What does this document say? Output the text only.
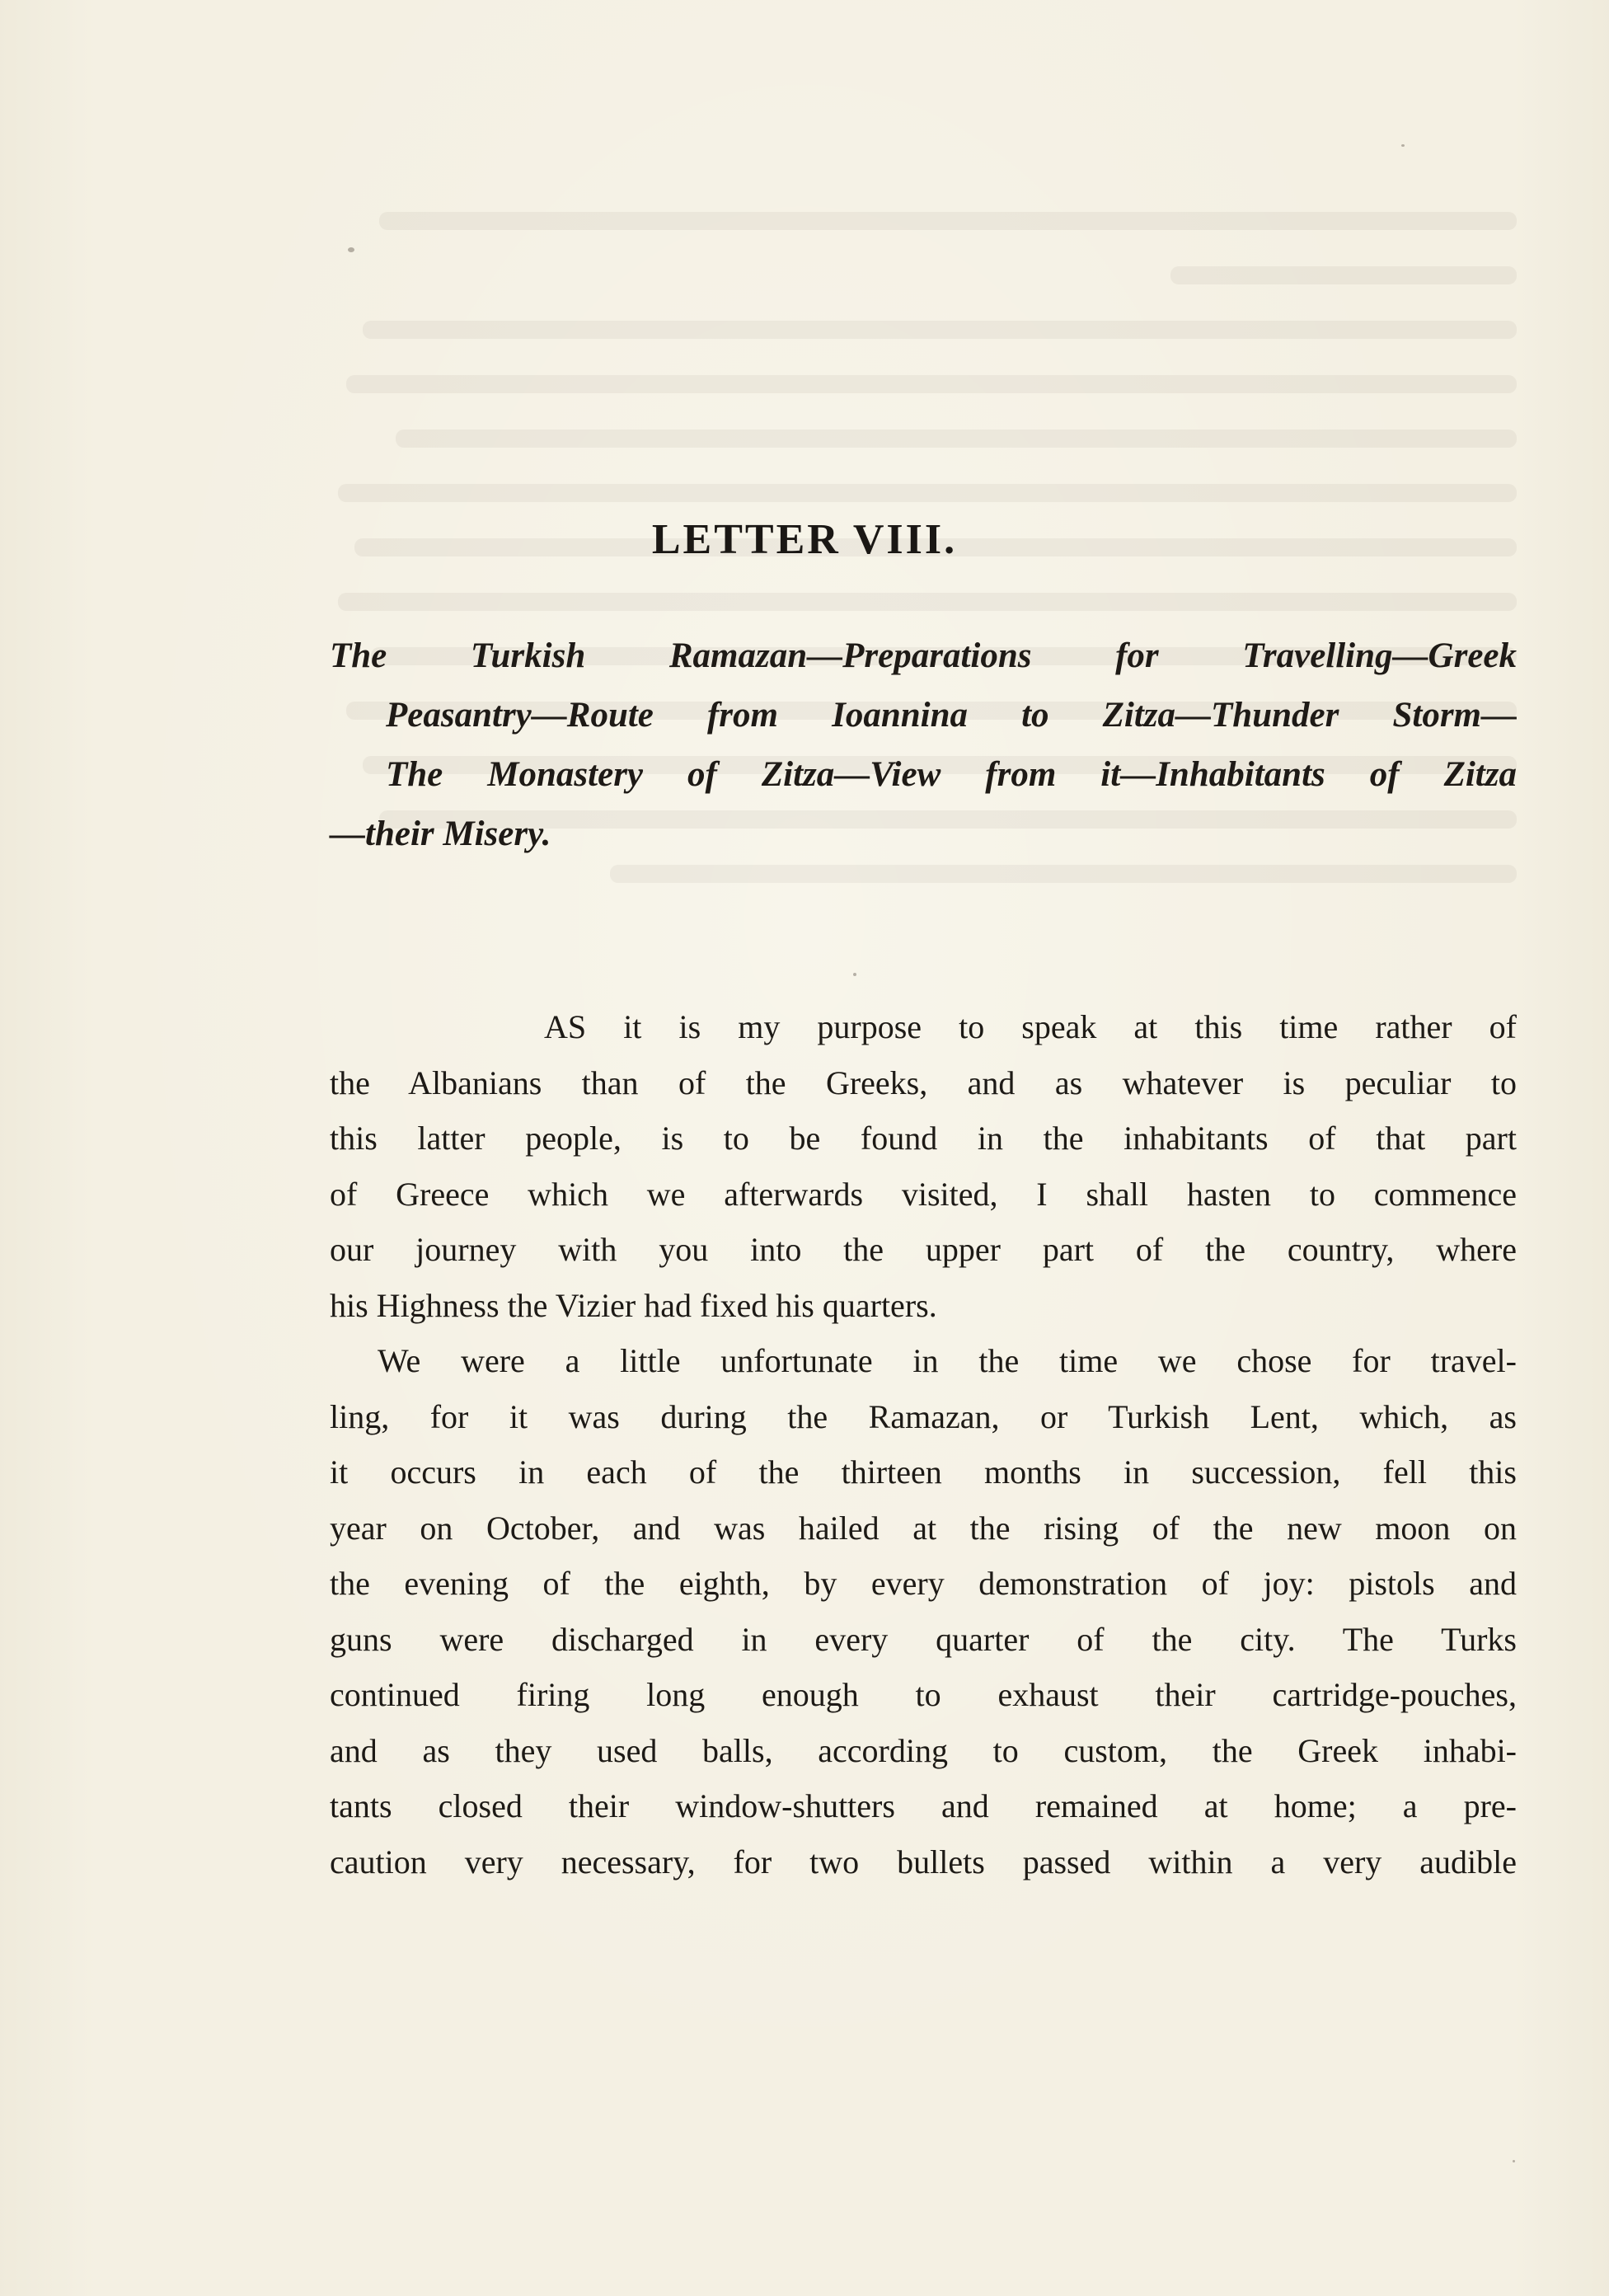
LETTER VIII.
The Turkish Ramazan—Preparations for Travelling—Greek
Peasantry—Route from Ioannina to Zitza—Thunder Storm—
The Monastery of Zitza—View from it—Inhabitants of Zitza
—their Misery.
AS it is my purpose to speak at this time rather of
the Albanians than of the Greeks, and as whatever is peculiar to
this latter people, is to be found in the inhabitants of that part
of Greece which we afterwards visited, I shall hasten to commence
our journey with you into the upper part of the country, where
his Highness the Vizier had fixed his quarters.
We were a little unfortunate in the time we chose for travel-
ling, for it was during the Ramazan, or Turkish Lent, which, as
it occurs in each of the thirteen months in succession, fell this
year on October, and was hailed at the rising of the new moon on
the evening of the eighth, by every demonstration of joy: pistols and
guns were discharged in every quarter of the city. The Turks
continued firing long enough to exhaust their cartridge-pouches,
and as they used balls, according to custom, the Greek inhabi-
tants closed their window-shutters and remained at home; a pre-
caution very necessary, for two bullets passed within a very audible
